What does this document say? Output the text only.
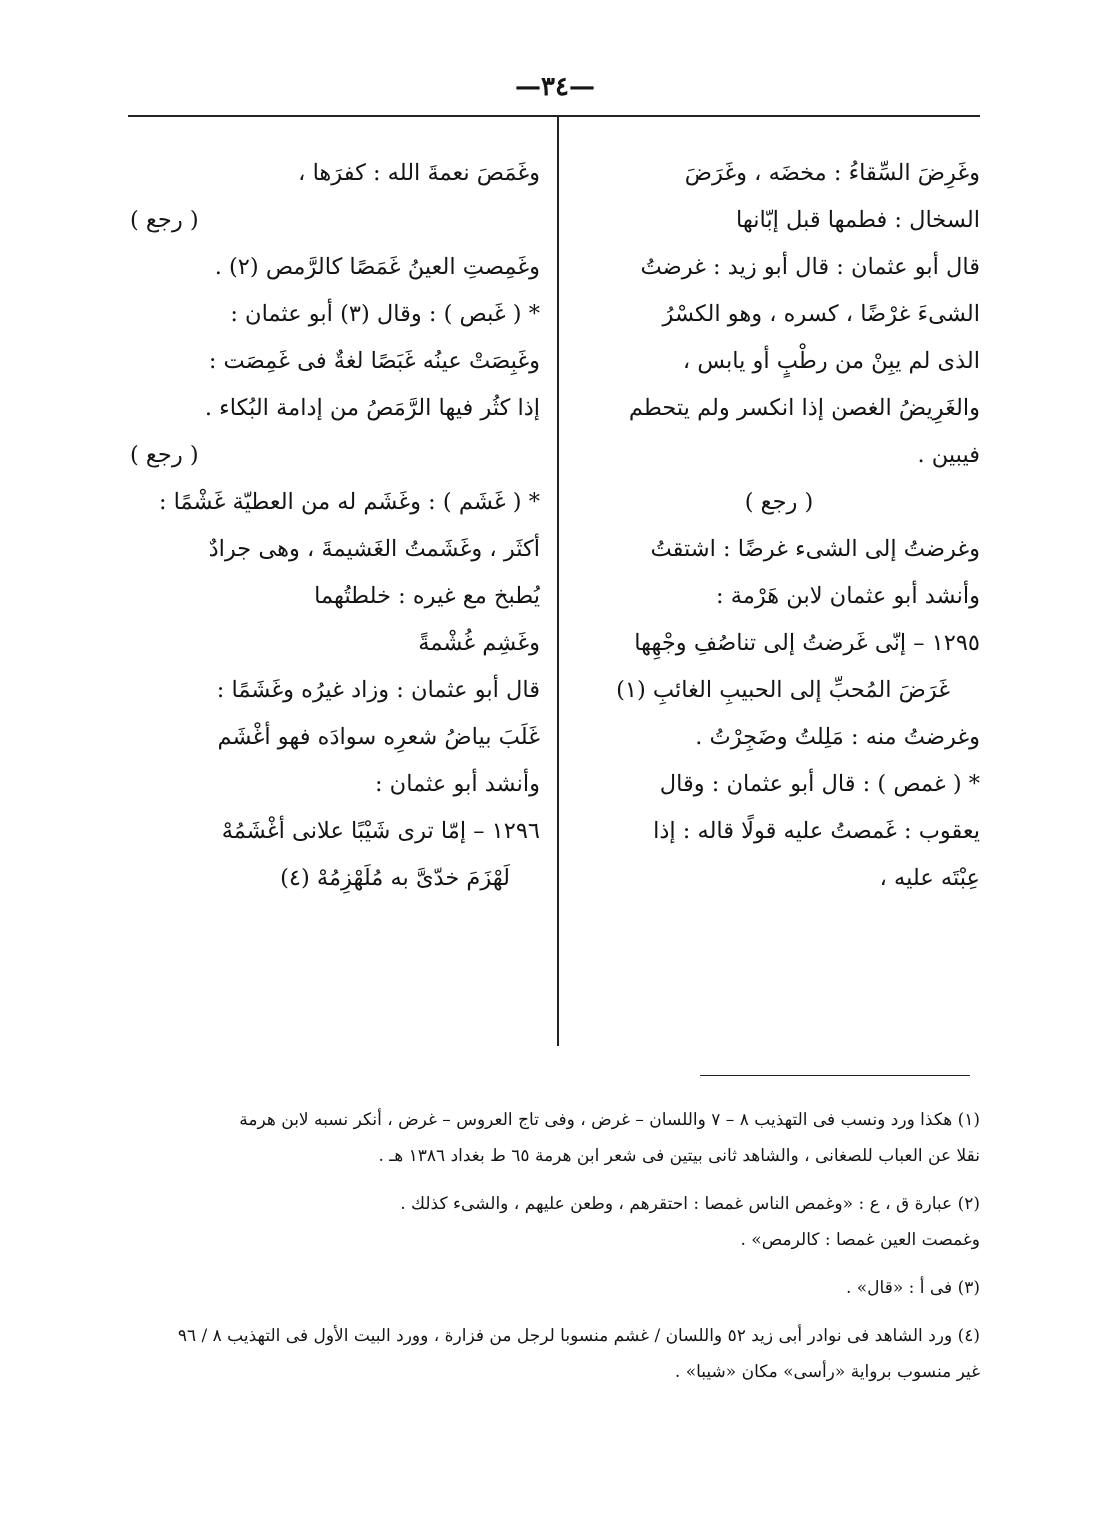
—٣٤—
وغَرِضَ السِّقاءُ : مخضَه ، وغَرَضَ
السخال : فطمها قبل إبّانها
قال أبو عثمان : قال أبو زيد : غرضتُ
الشىءَ غرْضًا ، كسره ، وهو الكسْرُ
الذى لم يبِنْ من رطْبٍ أو يابس ،
والغَرِيضُ الغصن إذا انكسر ولم يتحطم
فيبين .
( رجع )
وغرضتُ إلى الشىء غرضًا : اشتقتُ
وأنشد أبو عثمان لابن هَرْمة :
١٢٩٥ – إنّى غَرضتُ إلى تناصُفِ وجْهِها
غَرَضَ المُحبِّ إلى الحبيبِ الغائبِ (١)
وغرضتُ منه : مَلِلتُ وضَجِرْتُ .
* ( غمص ) : قال أبو عثمان : وقال
يعقوب : غَمصتُ عليه قولًا قاله : إذا
عِبْتَه عليه ،
وغَمَصَ نعمةَ الله : كفرَها ،
( رجع )
وغَمِصتِ العينُ غَمَصًا كالرَّمص (٢) .
* ( غَبص ) : وقال (٣) أبو عثمان :
وغَبِصَتْ عينُه غَبَصًا لغةٌ فى غَمِصَت :
إذا كثُر فيها الرَّمَصُ من إدامة البُكاء .
( رجع )
* ( غَشَم ) : وغَشَم له من العطيّة غَشْمًا :
أكثَر ، وغَشَمتُ الغَشيمةَ ، وهى جرادٌ
يُطبخ مع غيره : خلطتُهما
وغَشِم غُشْمةً
قال أبو عثمان : وزاد غيرُه وغَشَمًا :
غَلَبَ بياضُ شعرِه سوادَه فهو أغْشَم
وأنشد أبو عثمان :
١٢٩٦ – إمّا ترى شَيْبًا علانى أغْشَمُهْ
لَهْزَمَ خدّىَّ به مُلَهْزِمُهْ (٤)
(١) هكذا ورد ونسب فى التهذيب ٨ – ٧ واللسان – غرض ، وفى تاج العروس – غرض ، أنكر نسبه لابن هرمة
نقلا عن العباب للصغانى ، والشاهد ثانى بيتين فى شعر ابن هرمة ٦٥ ط بغداد ١٣٨٦ هـ .
(٢) عبارة ق ، ع : «وغمص الناس غمصا : احتقرهم ، وطعن عليهم ، والشىء كذلك .
وغمصت العين غمصا : كالرمص» .
(٣) فى أ : «قال» .
(٤) ورد الشاهد فى نوادر أبى زيد ٥٢ واللسان / غشم منسوبا لرجل من فزارة ، وورد البيت الأول فى التهذيب ٨ / ٩٦
غير منسوب برواية «رأسى» مكان «شيبا» .
